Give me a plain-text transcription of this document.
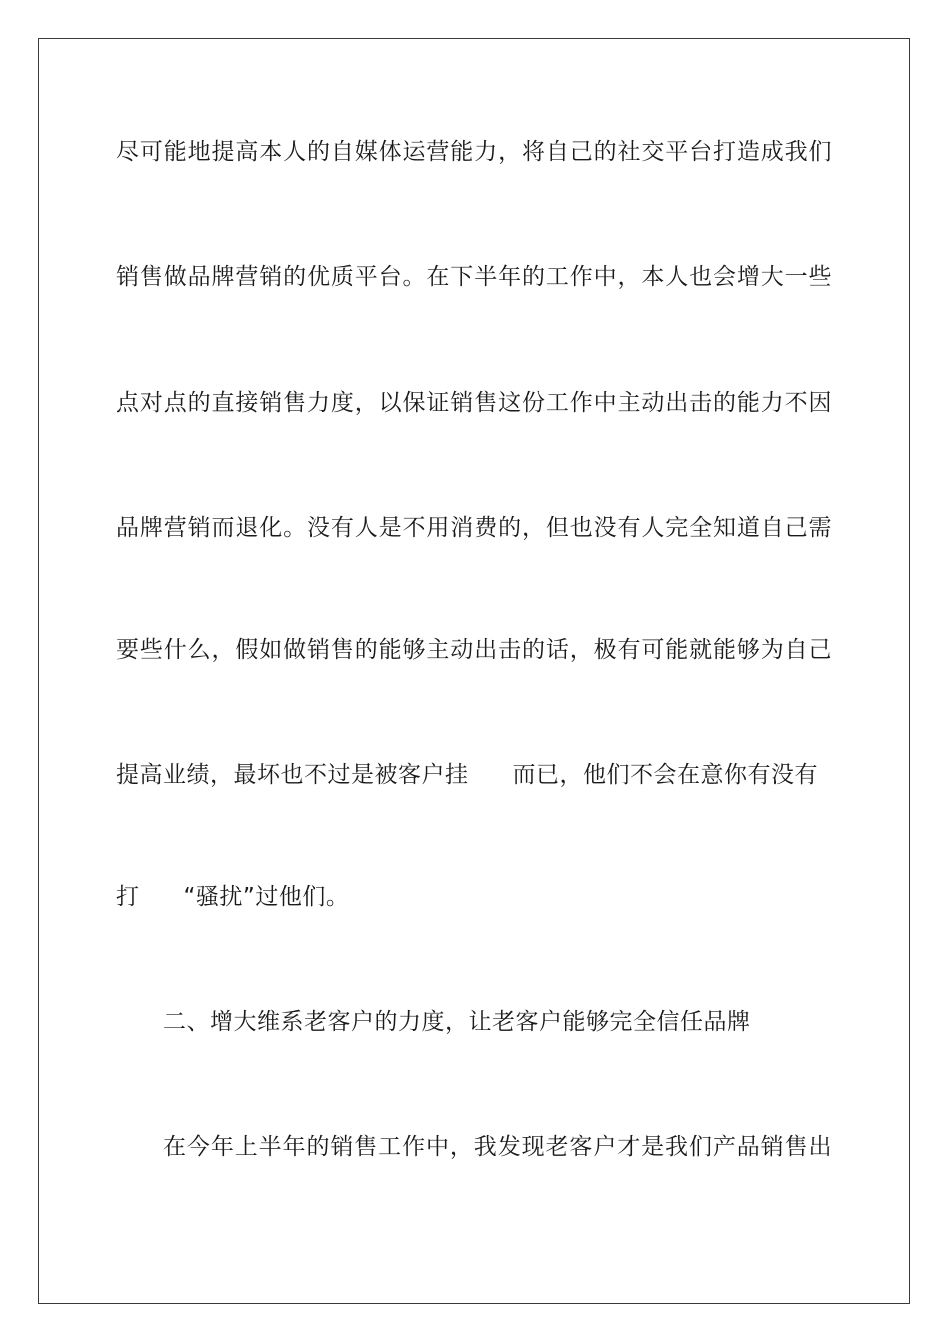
尽可能地提高本人的自媒体运营能力，将自己的社交平台打造成我们
销售做品牌营销的优质平台。在下半年的工作中，本人也会增大一些
点对点的直接销售力度，以保证销售这份工作中主动出击的能力不因
品牌营销而退化。没有人是不用消费的，但也没有人完全知道自己需
要些什么，假如做销售的能够主动出击的话，极有可能就能够为自己
提高业绩，最坏也不过是被客户挂 而已，他们不会在意你有没有
打 “骚扰”过他们。
二、增大维系老客户的力度，让老客户能够完全信任品牌
在今年上半年的销售工作中，我发现老客户才是我们产品销售出
